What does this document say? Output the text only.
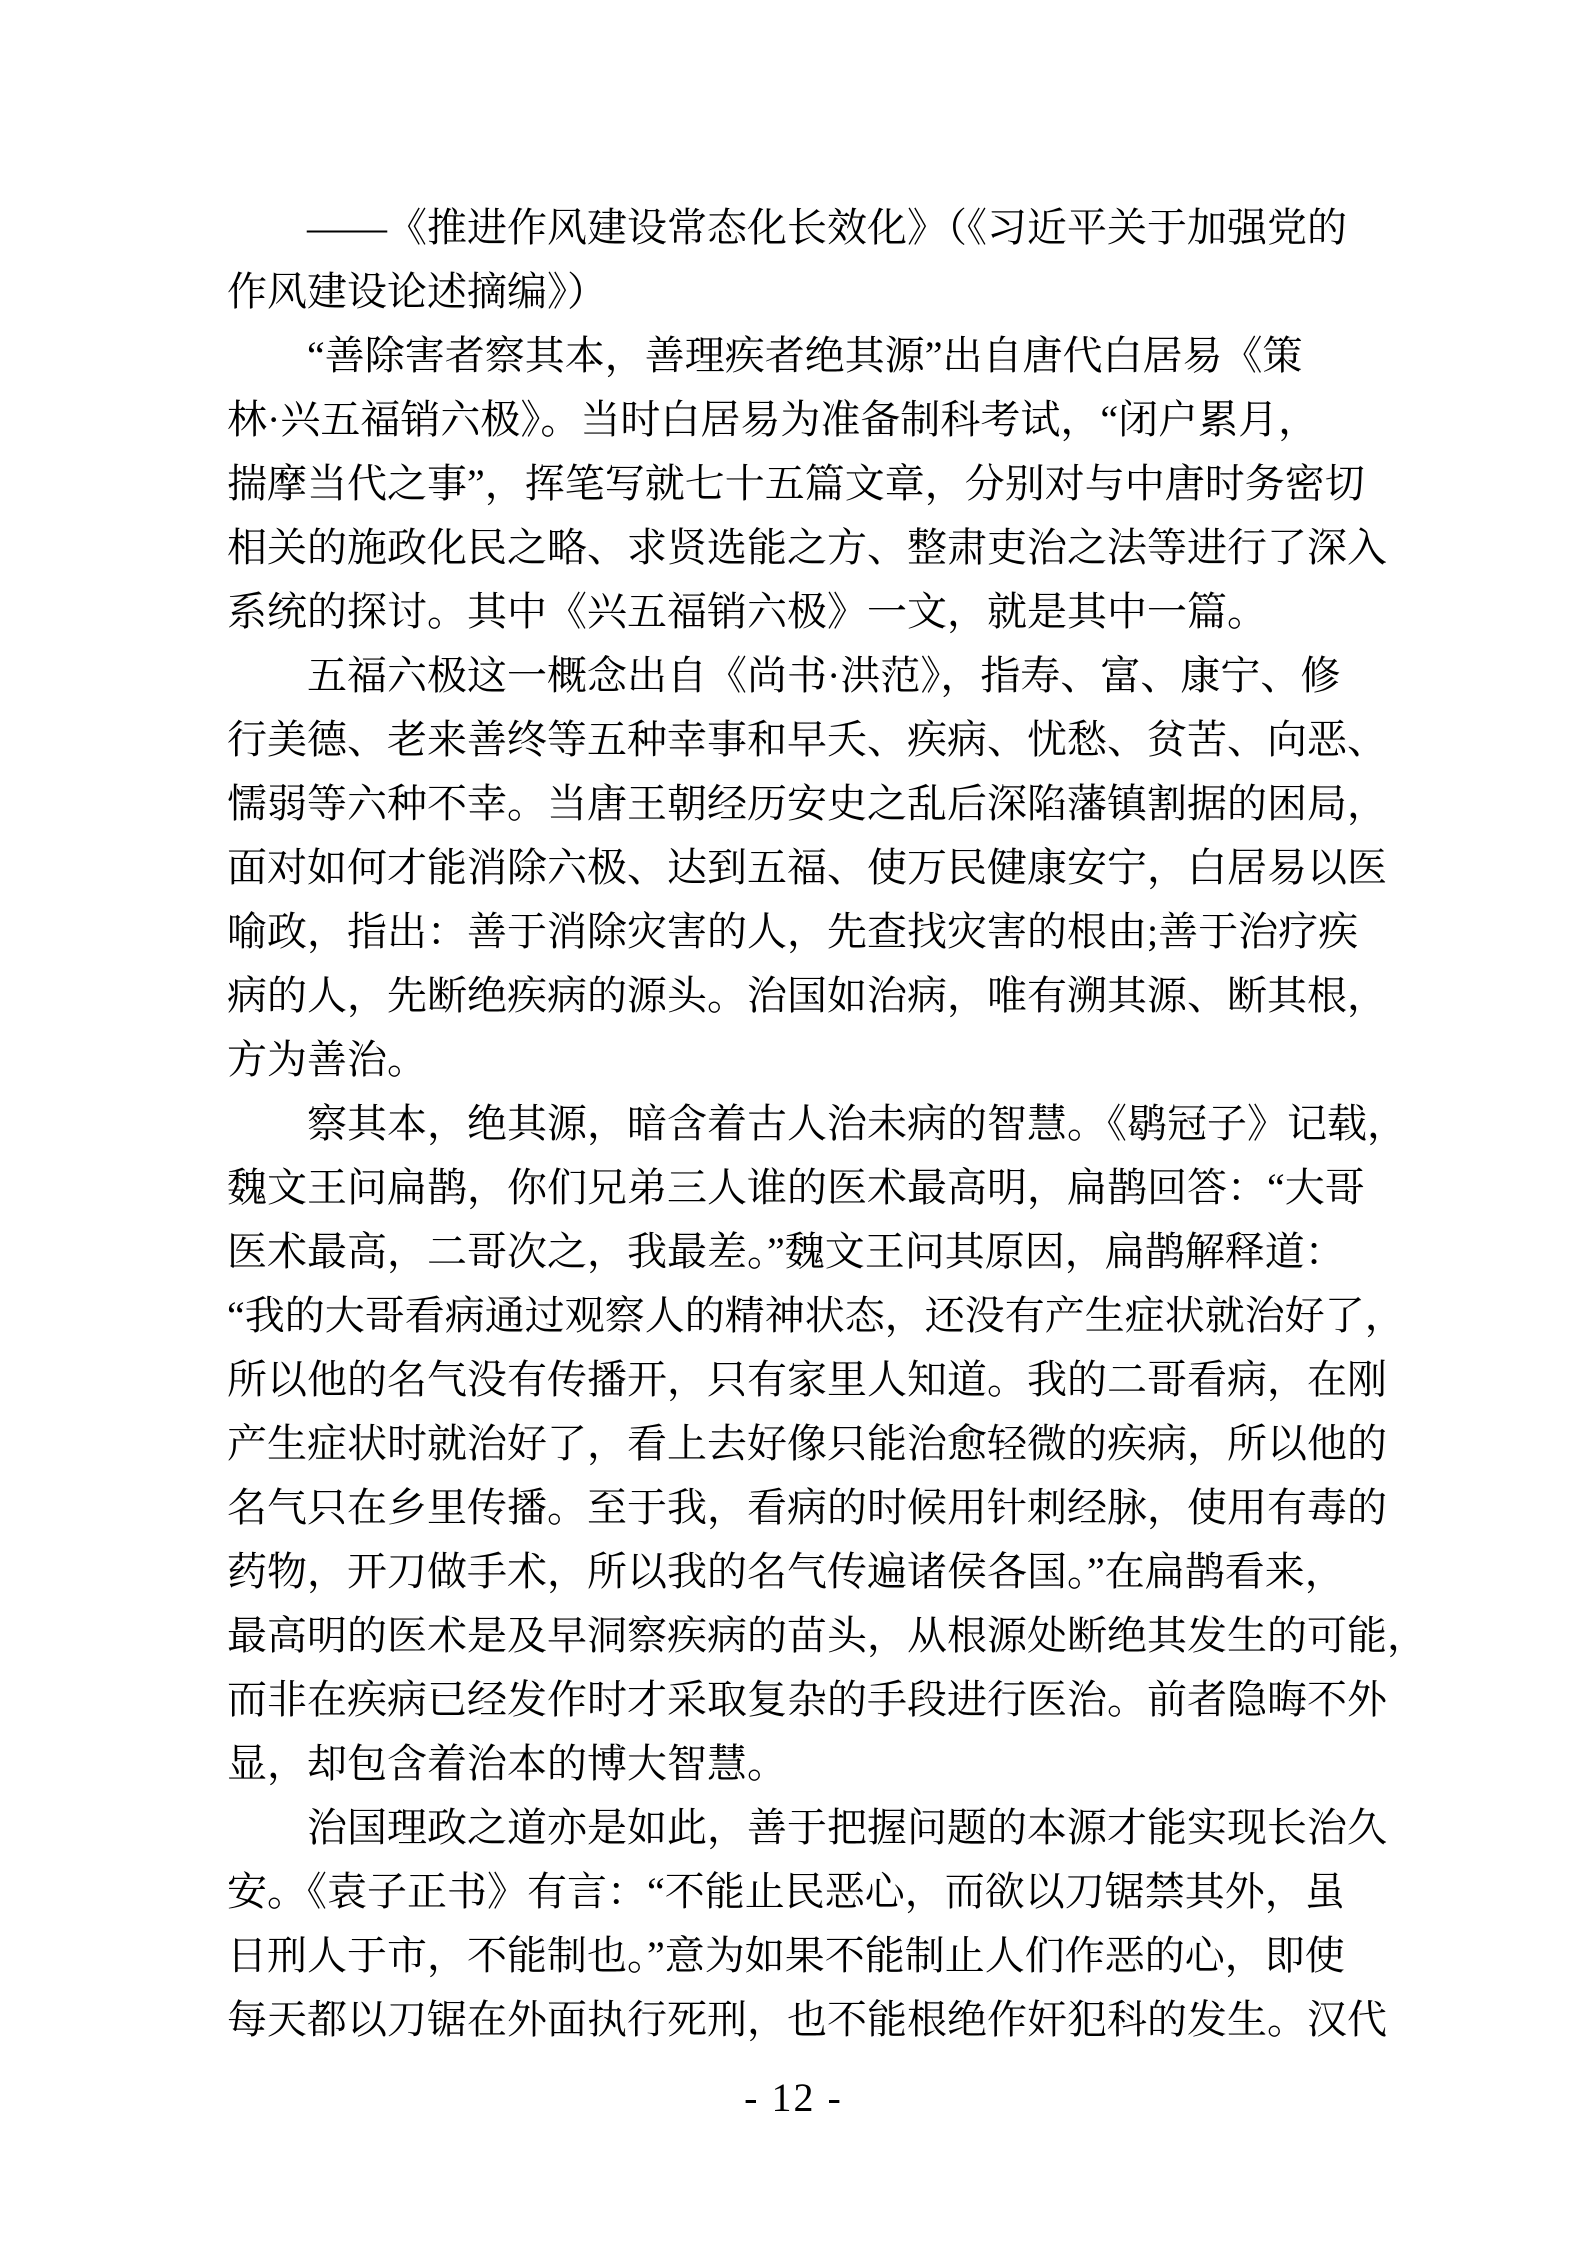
——《推进作风建设常态化长效化》（《习近平关于加强党的
作风建设论述摘编》）
“善除害者察其本，善理疾者绝其源”出自唐代白居易《策
林·兴五福销六极》。当时白居易为准备制科考试，“闭户累月，
揣摩当代之事”，挥笔写就七十五篇文章，分别对与中唐时务密切
相关的施政化民之略、求贤选能之方、整肃吏治之法等进行了深入
系统的探讨。其中《兴五福销六极》一文，就是其中一篇。
五福六极这一概念出自《尚书·洪范》，指寿、富、康宁、修
行美德、老来善终等五种幸事和早夭、疾病、忧愁、贫苦、向恶、
懦弱等六种不幸。当唐王朝经历安史之乱后深陷藩镇割据的困局，
面对如何才能消除六极、达到五福、使万民健康安宁，白居易以医
喻政，指出：善于消除灾害的人，先查找灾害的根由;善于治疗疾
病的人，先断绝疾病的源头。治国如治病，唯有溯其源、断其根，
方为善治。
察其本，绝其源，暗含着古人治未病的智慧。《鹖冠子》记载，
魏文王问扁鹊，你们兄弟三人谁的医术最高明，扁鹊回答：“大哥
医术最高，二哥次之，我最差。”魏文王问其原因，扁鹊解释道：
“我的大哥看病通过观察人的精神状态，还没有产生症状就治好了，
所以他的名气没有传播开，只有家里人知道。我的二哥看病，在刚
产生症状时就治好了，看上去好像只能治愈轻微的疾病，所以他的
名气只在乡里传播。至于我，看病的时候用针刺经脉，使用有毒的
药物，开刀做手术，所以我的名气传遍诸侯各国。”在扁鹊看来，
最高明的医术是及早洞察疾病的苗头，从根源处断绝其发生的可能，
而非在疾病已经发作时才采取复杂的手段进行医治。前者隐晦不外
显，却包含着治本的博大智慧。
治国理政之道亦是如此，善于把握问题的本源才能实现长治久
安。《袁子正书》有言：“不能止民恶心，而欲以刀锯禁其外，虽
日刑人于市，不能制也。”意为如果不能制止人们作恶的心，即使
每天都以刀锯在外面执行死刑，也不能根绝作奸犯科的发生。汉代
- 12 -
